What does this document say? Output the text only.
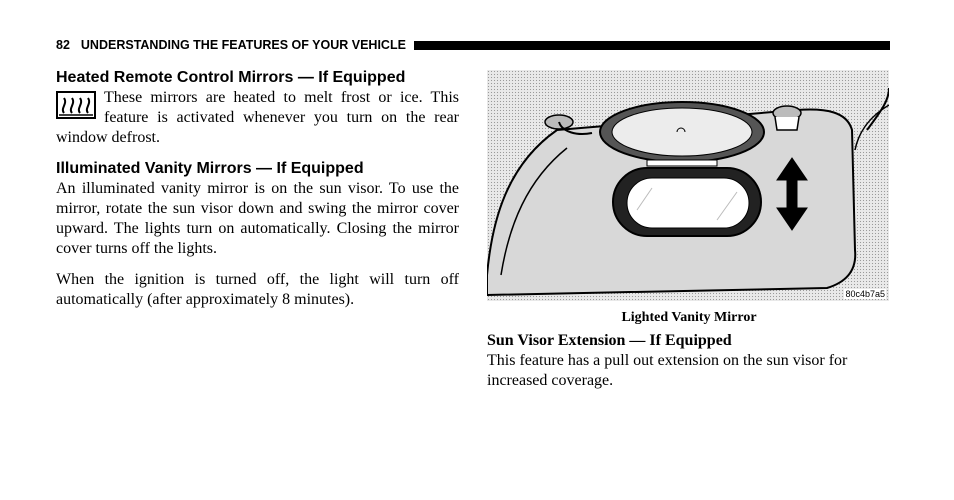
82 UNDERSTANDING THE FEATURES OF YOUR VEHICLE
Heated Remote Control Mirrors — If Equipped

These mirrors are heated to melt frost or ice. This feature is activated whenever you turn on the rear window defrost.

Illuminated Vanity Mirrors — If Equipped

An illuminated vanity mirror is on the sun visor. To use the mirror, rotate the sun visor down and swing the mirror cover upward. The lights turn on automatically. Closing the mirror cover turns off the lights.

When the ignition is turned off, the light will turn off automatically (after approximately 8 minutes).	80c4b7a5
Lighted Vanity Mirror
Sun Visor Extension — If Equipped

This feature has a pull out extension on the sun visor for increased coverage.
